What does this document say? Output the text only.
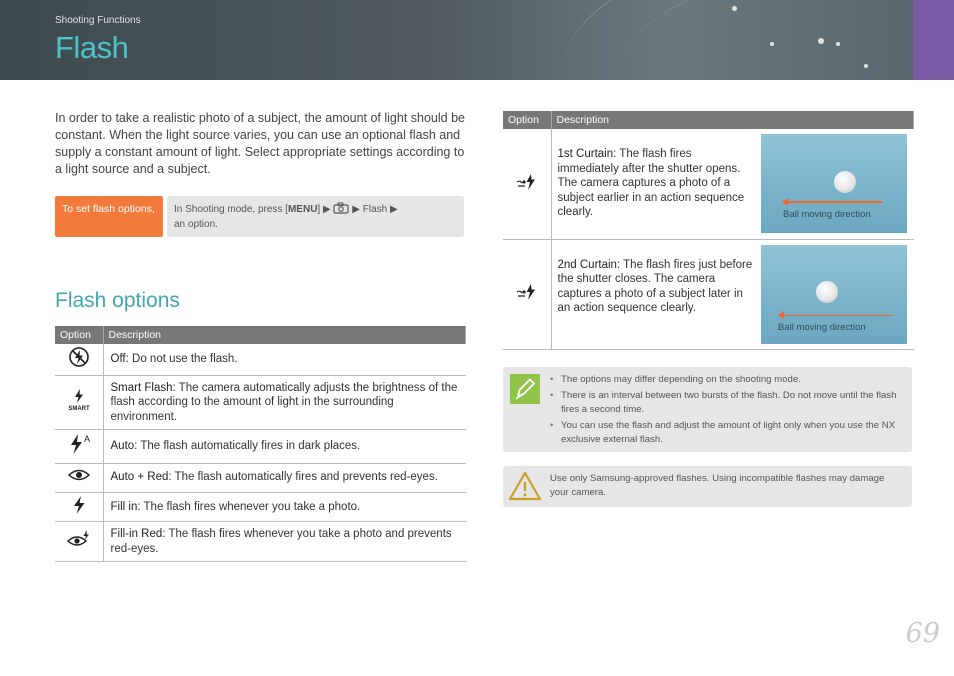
Shooting Functions
Flash

In order to take a realistic photo of a subject, the amount of light should be constant. When the light source varies, you can use an optional flash and supply a constant amount of light. Select appropriate settings according to a light source and a subject.

To set flash options,	In Shooting mode, press [MENU] ▶ ▶ Flash ▶
an option.
Flash options
Option	Description
	Off: Do not use the flash.

SMART	Smart Flash: The camera automatically adjusts the brightness of the flash according to the amount of light in the surrounding environment.

A	Auto: The flash automatically fires in dark places.
	Auto + Red: The flash automatically fires and prevents red-eyes.
	Fill in: The flash fires whenever you take a photo.
	Fill-in Red: The flash fires whenever you take a photo and prevents red-eyes.
Option	Description	
	1st Curtain: The flash fires immediately after the shutter opens. The camera captures a photo of a subject earlier in an action sequence clearly.	Ball moving direction

	2nd Curtain: The flash fires just before the shutter closes. The camera captures a photo of a subject later in an action sequence clearly.	Ball moving direction
• The options may differ depending on the shooting mode.
• There is an interval between two bursts of the flash. Do not move until the flash fires a second time.
• You can use the flash and adjust the amount of light only when you use the NX exclusive external flash.
Use only Samsung-approved flashes. Using incompatible flashes may damage your camera.
69
